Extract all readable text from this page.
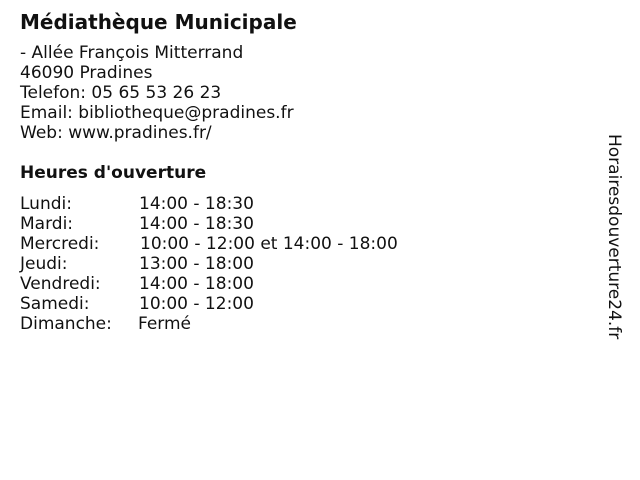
Médiathèque Municipale
- Allée François Mitterrand
46090 Pradines
Telefon: 05 65 53 26 23
Email: bibliotheque@pradines.fr
Web: www.pradines.fr/
Heures d'ouverture
Lundi:	14:00 - 18:30
Mardi:	14:00 - 18:30
Mercredi: 10:00 - 12:00 et 14:00 - 18:00
Jeudi:	13:00 - 18:00
Vendredi: 14:00 - 18:00
Samedi:	10:00 - 12:00
Dimanche: Fermé	Horairesdouverture24.fr
